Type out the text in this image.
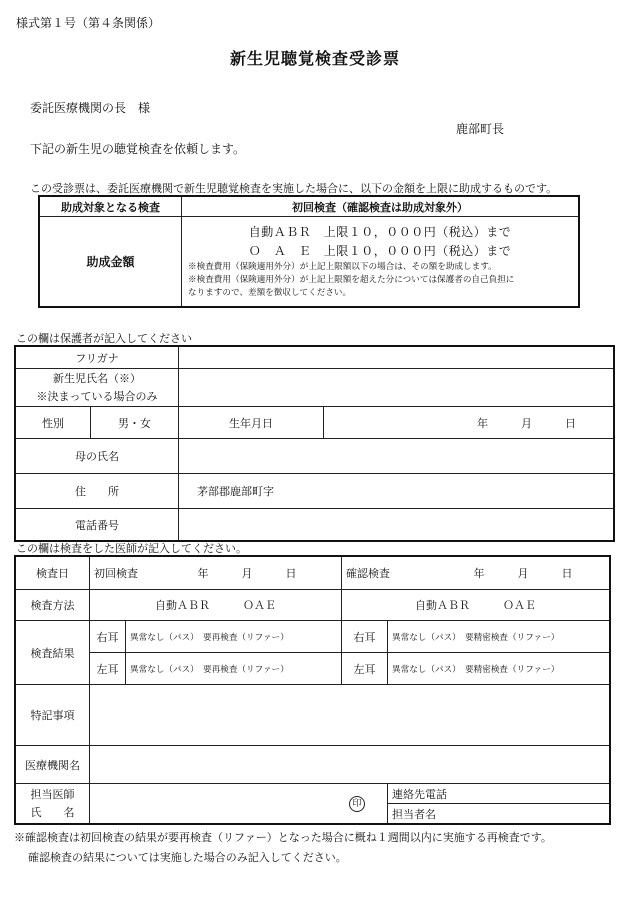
様式第１号（第４条関係）
新生児聴覚検査受診票
委託医療機関の長　様
鹿部町長
下記の新生児の聴覚検査を依頼します。
この受診票は、委託医療機関で新生児聴覚検査を実施した場合に、以下の金額を上限に助成するものです。
助成対象となる検査	初回検査（確認検査は助成対象外）
助成金額	自動ＡＢＲ　上限１０，０００円（税込）まで
Ｏ　Ａ　Ｅ　上限１０，０００円（税込）まで
※検査費用（保険適用外分）が上記上限額以下の場合は、その額を助成します。
※検査費用（保険適用外分）が上記上限額を超えた分については保護者の自己負担に
なりますので、差額を徴収してください。
この欄は保護者が記入してください
フリガナ			

新生児氏名（※）
※決まっている場合のみ			

性別	男・女	生年月日	年　　　月　　　日
母の氏名			
住　　所		茅部郡鹿部町字	
電話番号			
この欄は検査をした医師が記入してください。
検査日	初回検査 年　　　月　　　日		確認検査 年　　　月　　　日	
検査方法	自動ＡＢＲ　　　ＯＡＥ		自動ＡＢＲ　　　ＯＡＥ	
検査結果	右耳	異常なし（パス）　要再検査（リファー）	右耳	異常なし（パス）　要精密検査（リファー）
	左耳	異常なし（パス）　要再検査（リファー）	左耳	異常なし（パス）　要精密検査（リファー）
特記事項				
医療機関名				

担当医師
氏　　名	印			連絡先電話
				担当者名
※確認検査は初回検査の結果が要再検査（リファー）となった場合に概ね１週間以内に実施する再検査です。
確認検査の結果については実施した場合のみ記入してください。
